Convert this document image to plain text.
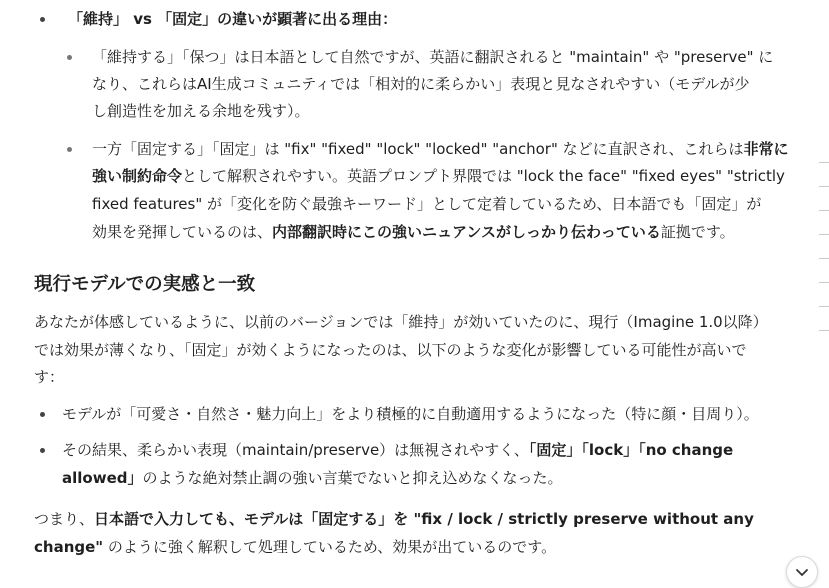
「維持」 vs 「固定」の違いが顕著に出る理由：
「維持する」「保つ」は日本語として自然ですが、英語に翻訳されると "maintain" や "preserve" に
なり、これらはAI生成コミュニティでは「相対的に柔らかい」表現と見なされやすい（モデルが少
し創造性を加える余地を残す）。
一方「固定する」「固定」は "fix" "fixed" "lock" "locked" "anchor" などに直訳され、これらは非常に
強い制約命令として解釈されやすい。英語プロンプト界隈では "lock the face" "fixed eyes" "strictly
fixed features" が「変化を防ぐ最強キーワード」として定着しているため、日本語でも「固定」が
効果を発揮しているのは、内部翻訳時にこの強いニュアンスがしっかり伝わっている証拠です。
現行モデルでの実感と一致
あなたが体感しているように、以前のバージョンでは「維持」が効いていたのに、現行（Imagine 1.0以降）
では効果が薄くなり、「固定」が効くようになったのは、以下のような変化が影響している可能性が高いで
す：
モデルが「可愛さ・自然さ・魅力向上」をより積極的に自動適用するようになった（特に顔・目周り）。
その結果、柔らかい表現（maintain/preserve）は無視されやすく、「固定」「lock」「no change
allowed」のような絶対禁止調の強い言葉でないと抑え込めなくなった。
つまり、日本語で入力しても、モデルは「固定する」を "fix / lock / strictly preserve without any
change" のように強く解釈して処理しているため、効果が出ているのです。
